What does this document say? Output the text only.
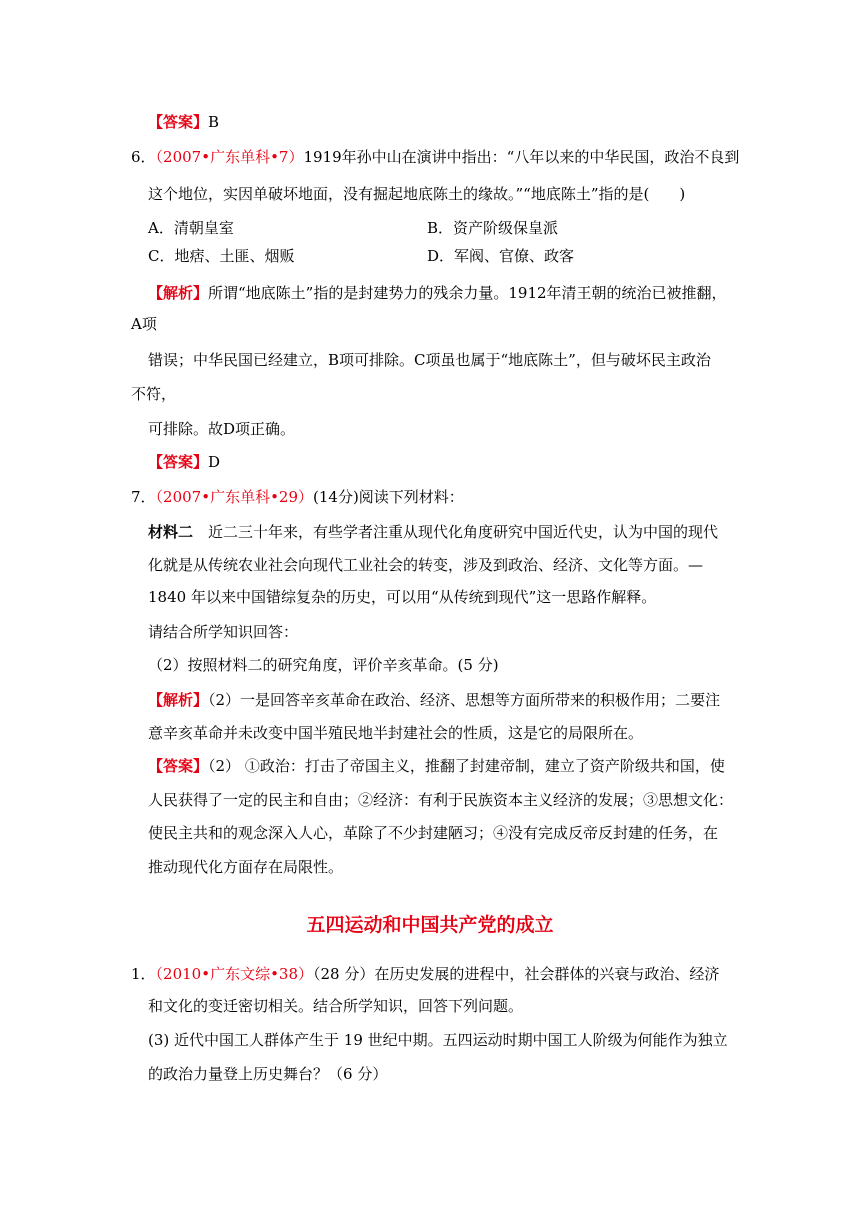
【答案】B
6．（2007•广东单科•7）1919年孙中山在演讲中指出：“八年以来的中华民国，政治不良到
这个地位，实因单破坏地面，没有掘起地底陈土的缘故。”“地底陈土”指的是(　　)
A．清朝皇室	B．资产阶级保皇派
C．地痞、土匪、烟贩	D．军阀、官僚、政客
【解析】所谓“地底陈土”指的是封建势力的残余力量。1912年清王朝的统治已被推翻，
A项
错误；中华民国已经建立，B项可排除。C项虽也属于“地底陈土”，但与破坏民主政治
不符，
可排除。故D项正确。
【答案】D
7．（2007•广东单科•29）(14分)阅读下列材料：
材料二　近二三十年来，有些学者注重从现代化角度研究中国近代史，认为中国的现代
化就是从传统农业社会向现代工业社会的转变，涉及到政治、经济、文化等方面。—
1840 年以来中国错综复杂的历史，可以用“从传统到现代”这一思路作解释。
请结合所学知识回答：
（2）按照材料二的研究角度，评价辛亥革命。(5 分)
【解析】（2）一是回答辛亥革命在政治、经济、思想等方面所带来的积极作用；二要注
意辛亥革命并未改变中国半殖民地半封建社会的性质，这是它的局限所在。
【答案】（2） ①政治：打击了帝国主义，推翻了封建帝制，建立了资产阶级共和国，使
人民获得了一定的民主和自由；②经济：有利于民族资本主义经济的发展；③思想文化：
使民主共和的观念深入人心，革除了不少封建陋习；④没有完成反帝反封建的任务，在
推动现代化方面存在局限性。
五四运动和中国共产党的成立
1．（2010•广东文综•38）（28 分）在历史发展的进程中，社会群体的兴衰与政治、经济
和文化的变迁密切相关。结合所学知识，回答下列问题。
(3) 近代中国工人群体产生于 19 世纪中期。五四运动时期中国工人阶级为何能作为独立
的政治力量登上历史舞台？（6 分）
